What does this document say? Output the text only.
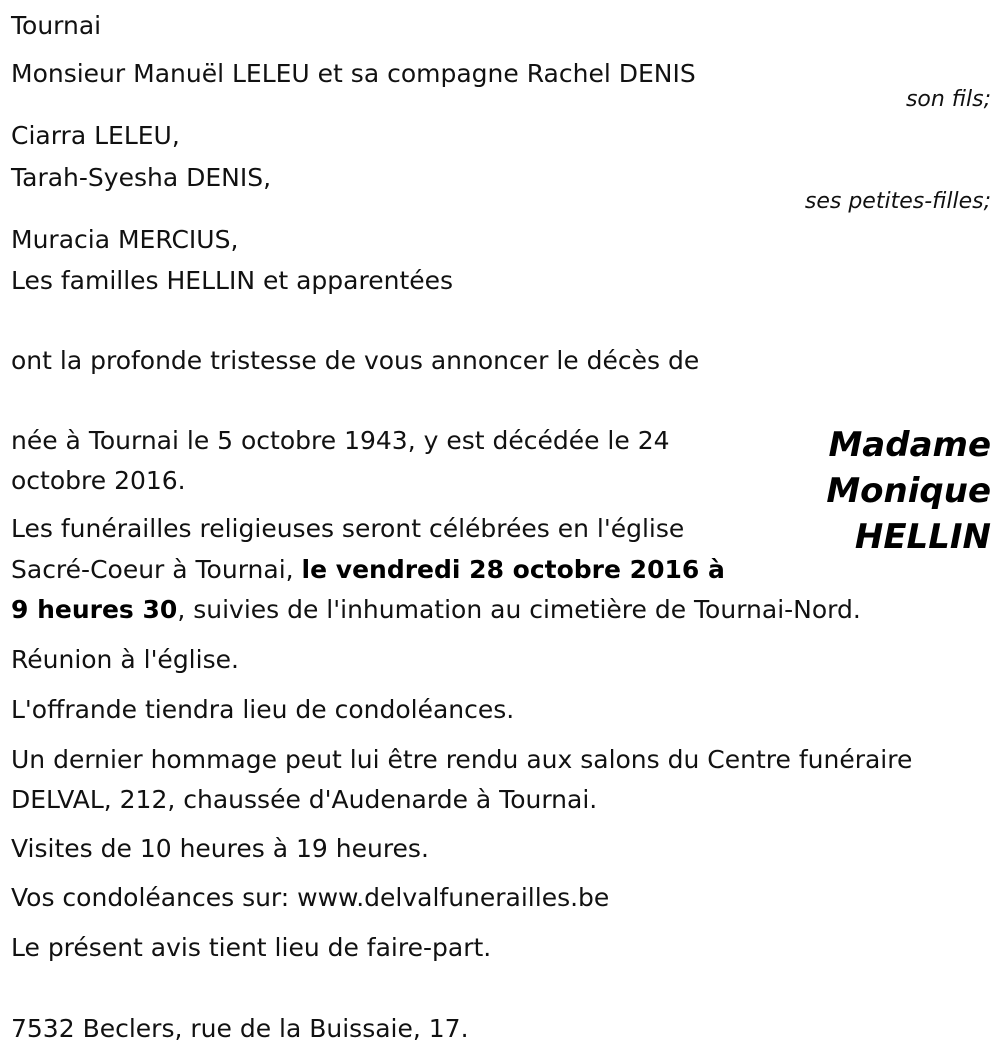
Tournai
Monsieur Manuël LELEU et sa compagne Rachel DENIS
son fils;
Ciarra LELEU,
Tarah-Syesha DENIS,
ses petites-filles;
Muracia MERCIUS,
Les familles HELLIN et apparentées
ont la profonde tristesse de vous annoncer le décès de
Madame
Monique
HELLIN
née à Tournai le 5 octobre 1943, y est décédée le 24
octobre 2016.
Les funérailles religieuses seront célébrées en l'église
Sacré-Coeur à Tournai, le vendredi 28 octobre 2016 à
9 heures 30, suivies de l'inhumation au cimetière de Tournai-Nord.
Réunion à l'église.
L'offrande tiendra lieu de condoléances.
Un dernier hommage peut lui être rendu aux salons du Centre funéraire
DELVAL, 212, chaussée d'Audenarde à Tournai.
Visites de 10 heures à 19 heures.
Vos condoléances sur: www.delvalfunerailles.be
Le présent avis tient lieu de faire-part.
7532 Beclers, rue de la Buissaie, 17.
